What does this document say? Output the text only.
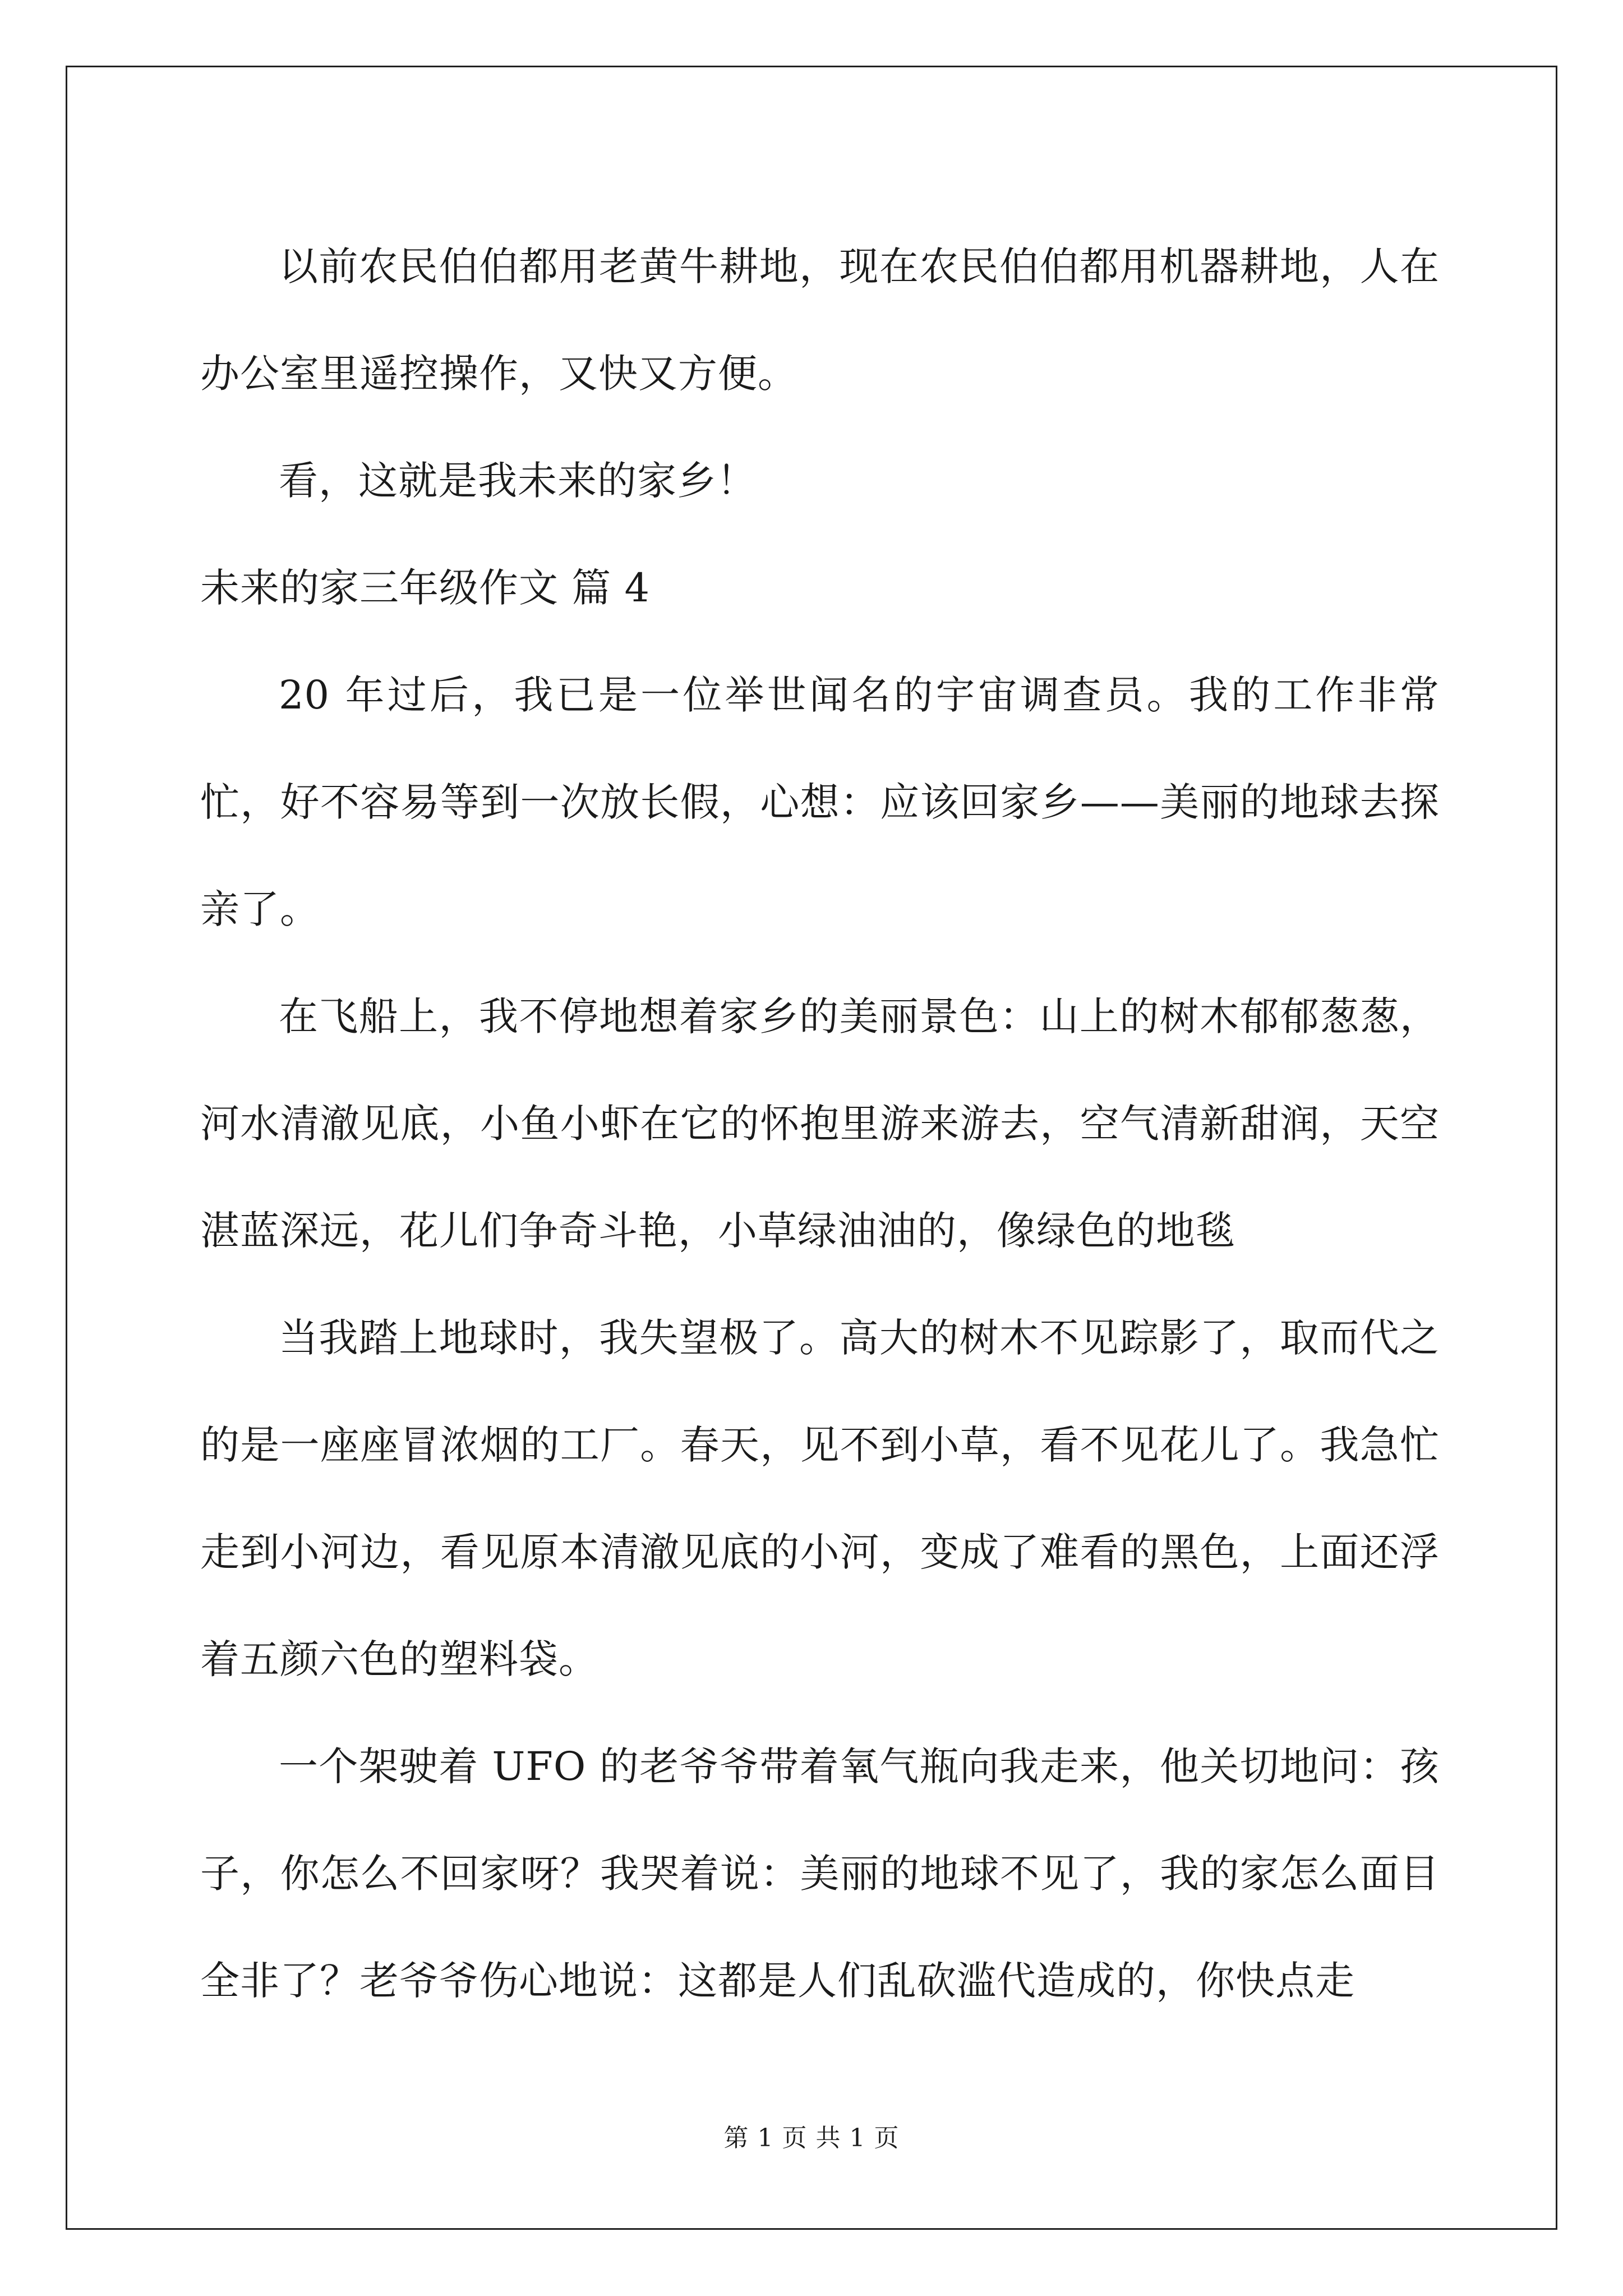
以前农民伯伯都用老黄牛耕地，现在农民伯伯都用机器耕地，人在办公室里遥控操作，又快又方便。

看，这就是我未来的家乡！

未来的家三年级作文 篇 4

20 年过后，我已是一位举世闻名的宇宙调查员。我的工作非常忙，好不容易等到一次放长假，心想：应该回家乡——美丽的地球去探亲了。

在飞船上，我不停地想着家乡的美丽景色：山上的树木郁郁葱葱，河水清澈见底，小鱼小虾在它的怀抱里游来游去，空气清新甜润，天空湛蓝深远，花儿们争奇斗艳，小草绿油油的，像绿色的地毯

当我踏上地球时，我失望极了。高大的树木不见踪影了，取而代之的是一座座冒浓烟的工厂。春天，见不到小草，看不见花儿了。我急忙走到小河边，看见原本清澈见底的小河，变成了难看的黑色，上面还浮着五颜六色的塑料袋。

一个架驶着 UFO 的老爷爷带着氧气瓶向我走来，他关切地问：孩子，你怎么不回家呀？我哭着说：美丽的地球不见了，我的家怎么面目全非了？老爷爷伤心地说：这都是人们乱砍滥代造成的，你快点走

第 1 页 共 1 页
